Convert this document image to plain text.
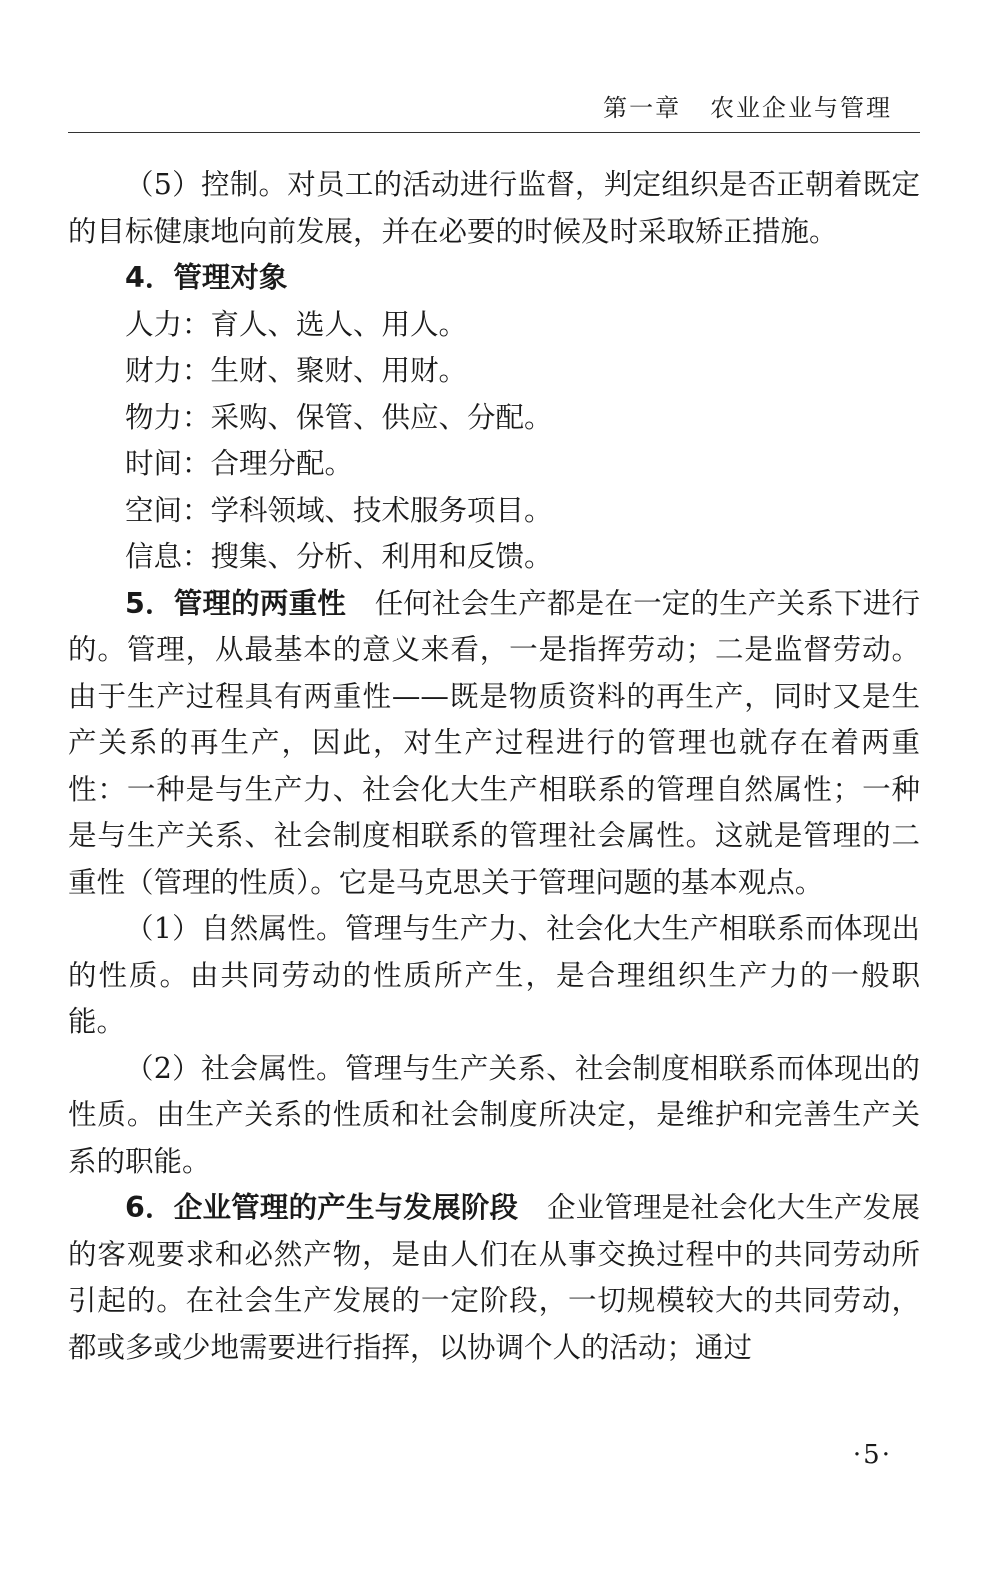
第一章   农业企业与管理

（5）控制。对员工的活动进行监督，判定组织是否正朝着既定的目标健康地向前发展，并在必要的时候及时采取矫正措施。

4．管理对象

人力：育人、选人、用人。

财力：生财、聚财、用财。

物力：采购、保管、供应、分配。

时间：合理分配。

空间：学科领域、技术服务项目。

信息：搜集、分析、利用和反馈。

5．管理的两重性　 任何社会生产都是在一定的生产关系下进行的。管理，从最基本的意义来看，一是指挥劳动；二是监督劳动。由于生产过程具有两重性——既是物质资料的再生产，同时又是生产关系的再生产，因此，对生产过程进行的管理也就存在着两重性：一种是与生产力、社会化大生产相联系的管理自然属性；一种是与生产关系、社会制度相联系的管理社会属性。这就是管理的二重性（管理的性质）。它是马克思关于管理问题的基本观点。

（1）自然属性。管理与生产力、社会化大生产相联系而体现出的性质。由共同劳动的性质所产生，是合理组织生产力的一般职能。

（2）社会属性。管理与生产关系、社会制度相联系而体现出的性质。由生产关系的性质和社会制度所决定，是维护和完善生产关系的职能。

6．企业管理的产生与发展阶段　 企业管理是社会化大生产发展的客观要求和必然产物，是由人们在从事交换过程中的共同劳动所引起的。在社会生产发展的一定阶段，一切规模较大的共同劳动，都或多或少地需要进行指挥，以协调个人的活动；通过

·5·
